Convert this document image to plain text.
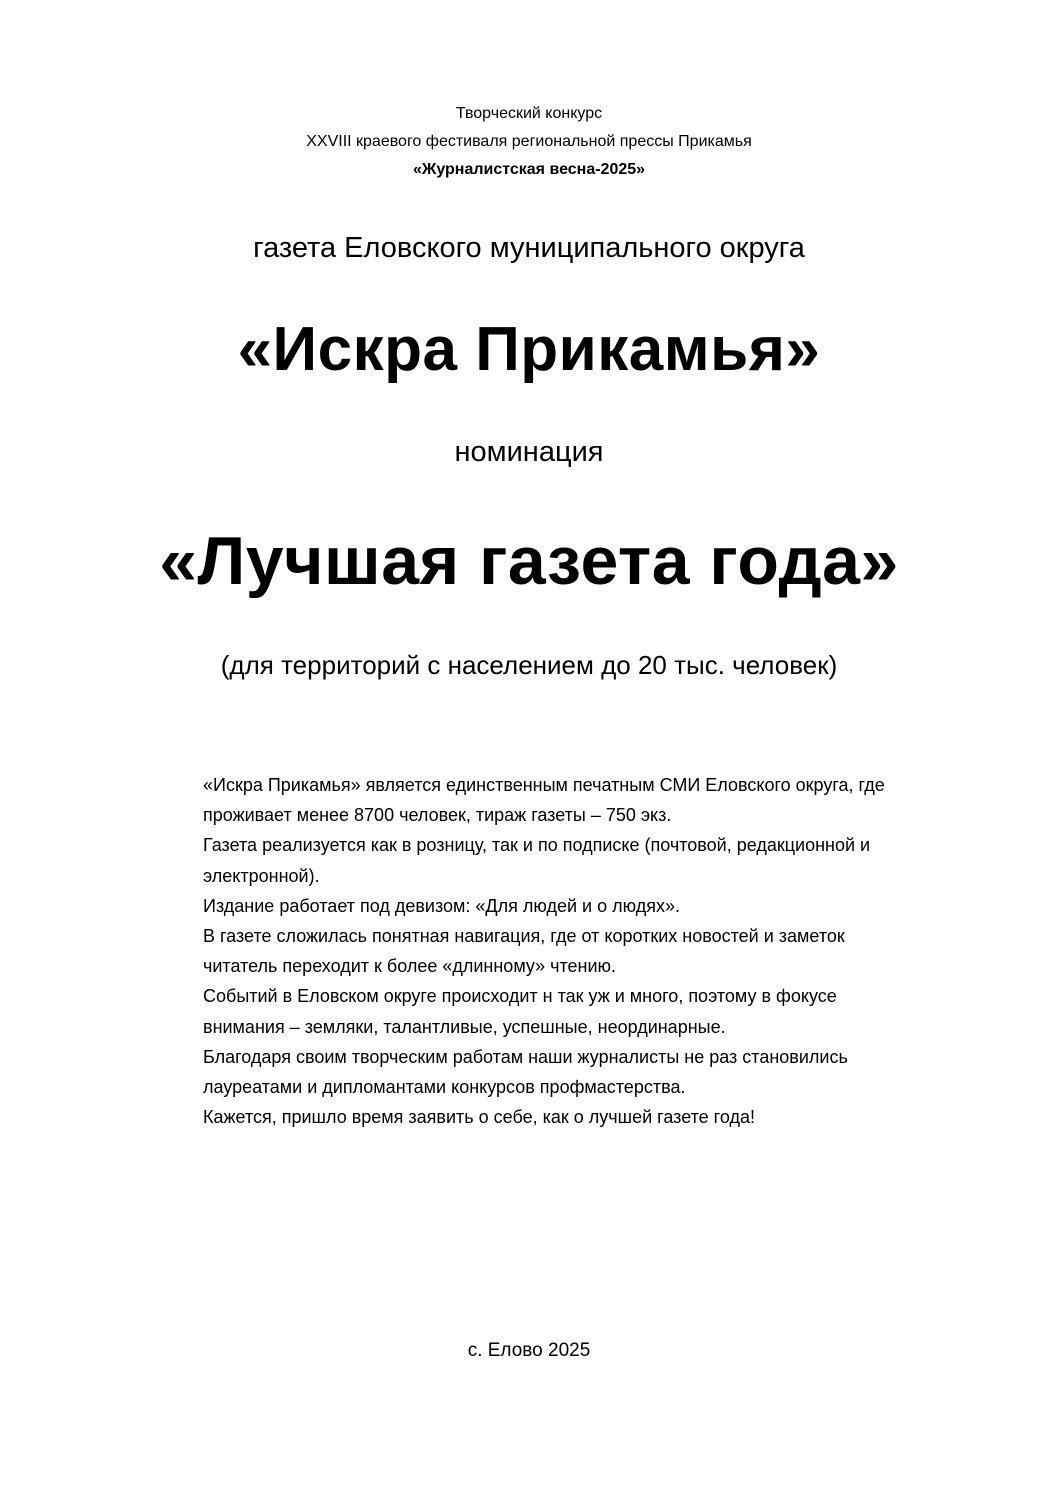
Творческий конкурс
XXVIII краевого фестиваля региональной прессы Прикамья
«Журналистская весна-2025»
газета Еловского муниципального округа
«Искра Прикамья»
номинация
«Лучшая газета года»
(для территорий с населением до 20 тыс. человек)
«Искра Прикамья» является единственным печатным СМИ Еловского округа, где
проживает менее 8700 человек, тираж газеты – 750 экз.
Газета реализуется как в розницу, так и по подписке (почтовой, редакционной и
электронной).
Издание работает под девизом: «Для людей и о людях».
В газете сложилась понятная навигация, где от коротких новостей и заметок
читатель переходит к более «длинному» чтению.
Событий в Еловском округе происходит н так уж и много, поэтому в фокусе
внимания – земляки, талантливые, успешные, неординарные.
Благодаря своим творческим работам наши журналисты не раз становились
лауреатами и дипломантами конкурсов профмастерства.
Кажется, пришло время заявить о себе, как о лучшей газете года!
с. Елово 2025
